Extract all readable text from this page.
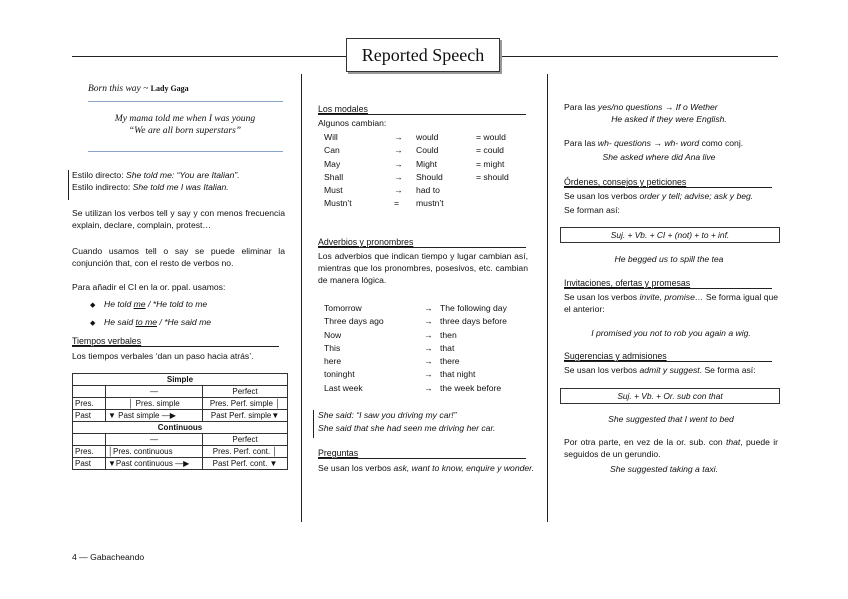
Reported Speech
Born this way ~ Lady Gaga
My mama told me when I was young
“We are all born superstars”
Estilo directo: She told me: “You are Italian”.
Estilo indirecto: She told me I was Italian.
Se utilizan los verbos tell y say y con menos frecuencia explain, declare, complain, protest…
Cuando usamos tell o say se puede eliminar la conjunción that, con el resto de verbos no.
Para añadir el CI en la or. ppal. usamos:
◆ He told me / *He told to me
◆ He said to me / *He said me
Tiempos verbales
Los tiempos verbales ‘dan un paso hacia atrás’.
Simple		
	—	Perfect
Pres.	│ Pres. simple	Pres. Perf. simple │
Past	▼ Past simple —▶	Past Perf. simple▼
Continuous		
	—	Perfect
Pres.	│Pres. continuous	Pres. Perf. cont. │
Past	▼Past continuous —▶	Past Perf. cont. ▼
Los modales
Algunos cambian:
Will	→	would	= would
Can	→	Could	= could
May	→	Might	= might
Shall	→	Should	= should
Must	→	had to
Mustn’t	=	mustn’t
Adverbios y pronombres
Los adverbios que indican tiempo y lugar cambian así, mientras que los pronombres, posesivos, etc. cambian de manera lógica.
Tomorrow	→ The following day
Three days ago	→ three days before
Now	→ then
This	→ that
here	→ there
toninght	→ that night
Last week	→ the week before
She said: “I saw you driving my car!”
She said that she had seen me driving her car.
Preguntas
Se usan los verbos ask, want to know, enquire y wonder.
Para las yes/no questions → If o Wether
He asked if they were English.
Para las wh- questions → wh- word como conj.
She asked where did Ana live
Órdenes, consejos y peticiones
Se usan los verbos order y tell; advise; ask y beg.
Se forman así:
Suj. + Vb. + CI + (not) + to + inf.
He begged us to spill the tea
Invitaciones, ofertas y promesas
Se usan los verbos invite, promise… Se forma igual que el anterior:
I promised you not to rob you again a wig.
Sugerencias y admisiones
Se usan los verbos admit y suggest. Se forma así:
Suj. + Vb. + Or. sub con that
She suggested that I went to bed
Por otra parte, en vez de la or. sub. con that, puede ir seguidos de un gerundio.
She suggested taking a taxi.
4 — Gabacheando
